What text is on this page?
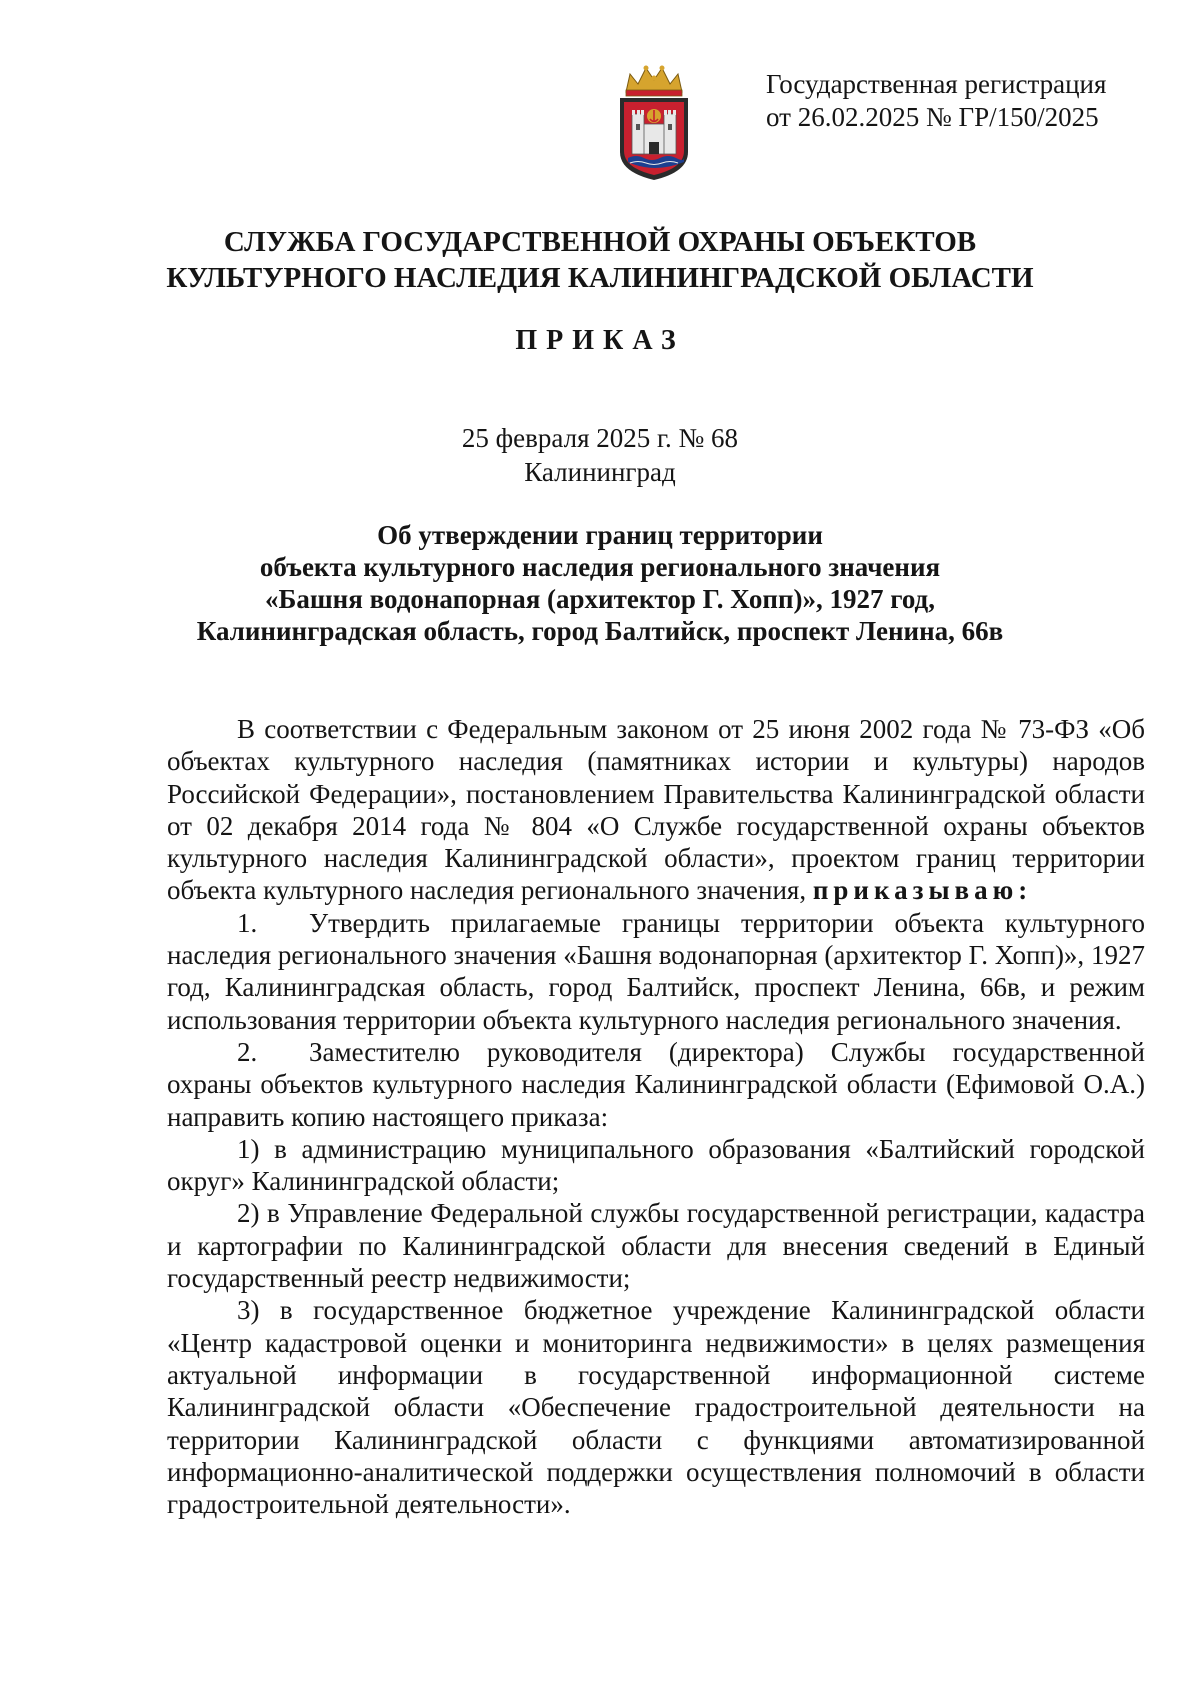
Государственная регистрация
от 26.02.2025 № ГР/150/2025
СЛУЖБА ГОСУДАРСТВЕННОЙ ОХРАНЫ ОБЪЕКТОВ
КУЛЬТУРНОГО НАСЛЕДИЯ КАЛИНИНГРАДСКОЙ ОБЛАСТИ
ПРИКАЗ
25 февраля 2025 г. № 68
Калининград
Об утверждении границ территории
объекта культурного наследия регионального значения
«Башня водонапорная (архитектор Г. Хопп)», 1927 год,
Калининградская область, город Балтийск, проспект Ленина, 66в

В соответствии с Федеральным законом от 25 июня 2002 года № 73-ФЗ «Об объектах культурного наследия (памятниках истории и культуры) народов Российской Федерации», постановлением Правительства Калининградской области от 02 декабря 2014 года № 804 «О Службе государственной охраны объектов культурного наследия Калининградской области», проектом границ территории объекта культурного наследия регионального значения, приказываю:

1. Утвердить прилагаемые границы территории объекта культурного наследия регионального значения «Башня водонапорная (архитектор Г. Хопп)», 1927 год, Калининградская область, город Балтийск, проспект Ленина, 66в, и режим использования территории объекта культурного наследия регионального значения.

2. Заместителю руководителя (директора) Службы государственной охраны объектов культурного наследия Калининградской области (Ефимовой О.А.) направить копию настоящего приказа:

1) в администрацию муниципального образования «Балтийский городской округ» Калининградской области;

2) в Управление Федеральной службы государственной регистрации, кадастра и картографии по Калининградской области для внесения сведений в Единый государственный реестр недвижимости;

3) в государственное бюджетное учреждение Калининградской области «Центр кадастровой оценки и мониторинга недвижимости» в целях размещения актуальной информации в государственной информационной системе Калининградской области «Обеспечение градостроительной деятельности на территории Калининградской области с функциями автоматизированной информационно-аналитической поддержки осуществления полномочий в области градостроительной деятельности».
